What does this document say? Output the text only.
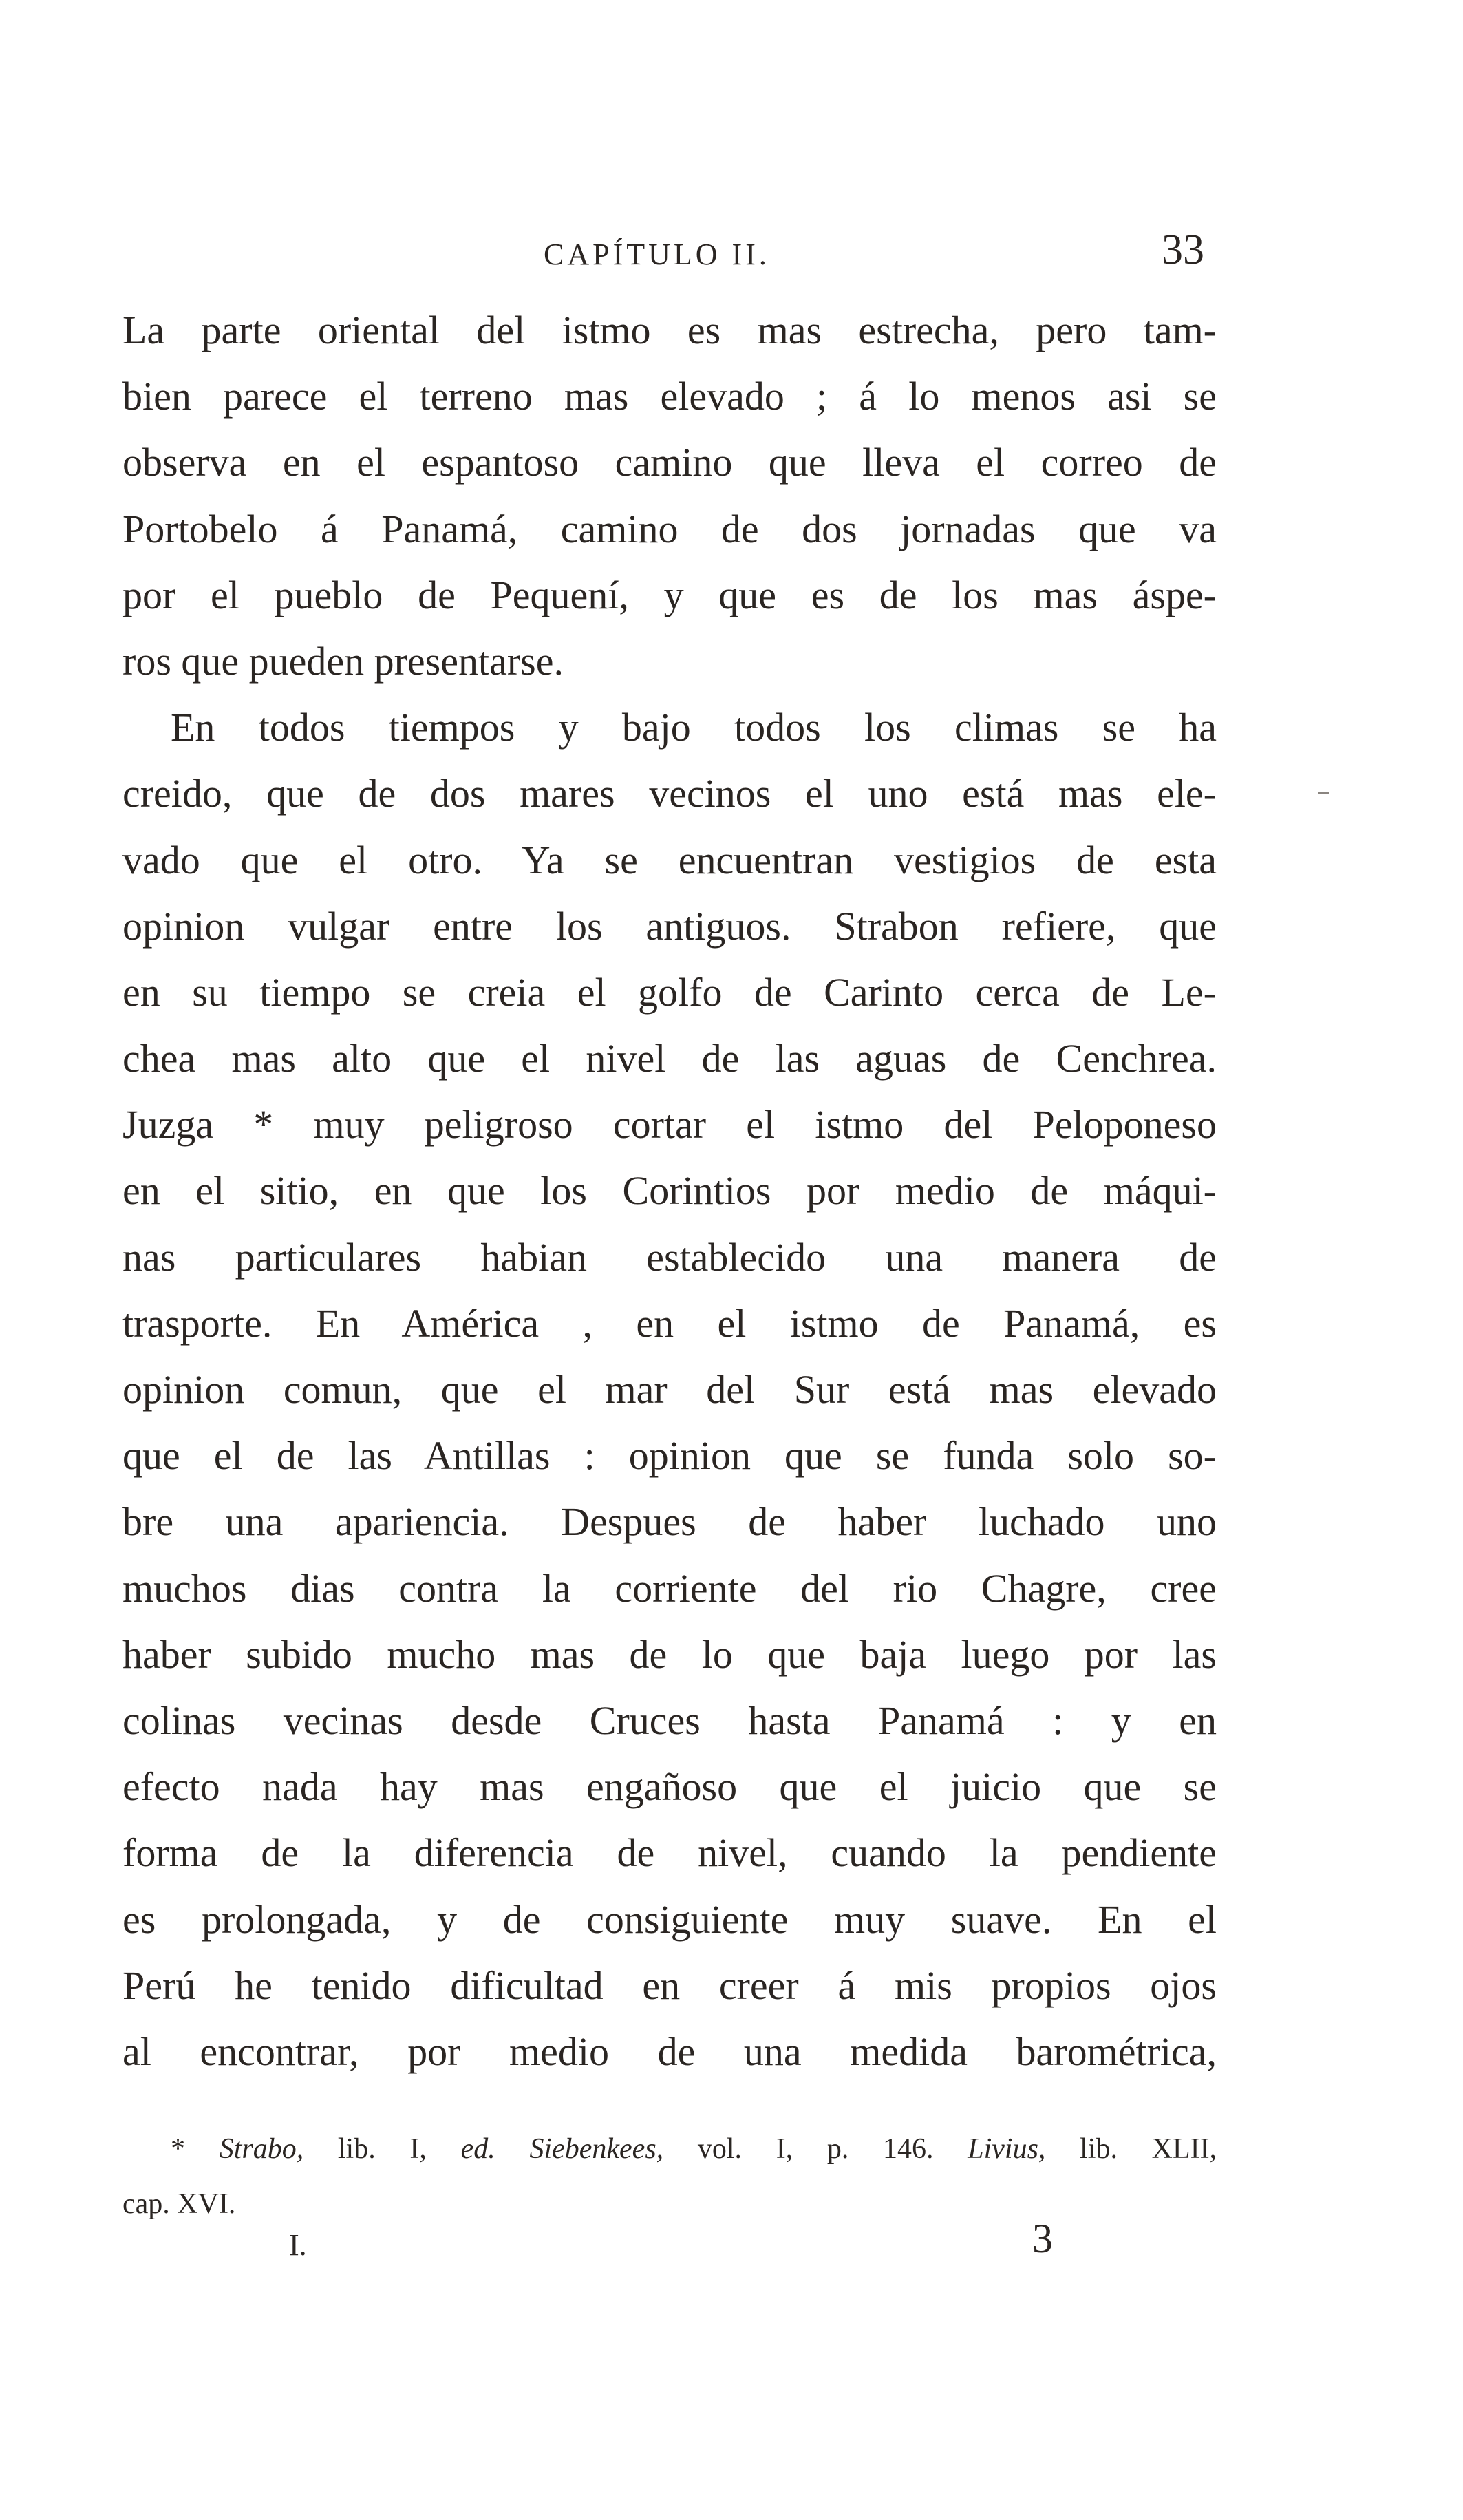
CAPÍTULO II.	33
La parte oriental del istmo es mas estrecha, pero tam-
bien parece el terreno mas elevado ; á lo menos asi se
observa en el espantoso camino que lleva el correo de
Portobelo á Panamá, camino de dos jornadas que va
por el pueblo de Pequení, y que es de los mas áspe-
ros que pueden presentarse.
En todos tiempos y bajo todos los climas se ha
creido, que de dos mares vecinos el uno está mas ele-
vado que el otro. Ya se encuentran vestigios de esta
opinion vulgar entre los antiguos. Strabon refiere, que
en su tiempo se creia el golfo de Carinto cerca de Le-
chea mas alto que el nivel de las aguas de Cenchrea.
Juzga * muy peligroso cortar el istmo del Peloponeso
en el sitio, en que los Corintios por medio de máqui-
nas particulares habian establecido una manera de
trasporte. En América , en el istmo de Panamá, es
opinion comun, que el mar del Sur está mas elevado
que el de las Antillas : opinion que se funda solo so-
bre una apariencia. Despues de haber luchado uno
muchos dias contra la corriente del rio Chagre, cree
haber subido mucho mas de lo que baja luego por las
colinas vecinas desde Cruces hasta Panamá : y en
efecto nada hay mas engañoso que el juicio que se
forma de la diferencia de nivel, cuando la pendiente
es prolongada, y de consiguiente muy suave. En el
Perú he tenido dificultad en creer á mis propios ojos
al encontrar, por medio de una medida barométrica,
* Strabo, lib. I, ed. Siebenkees, vol. I, p. 146. Livius, lib. XLII,
cap. XVI.
I.	3
